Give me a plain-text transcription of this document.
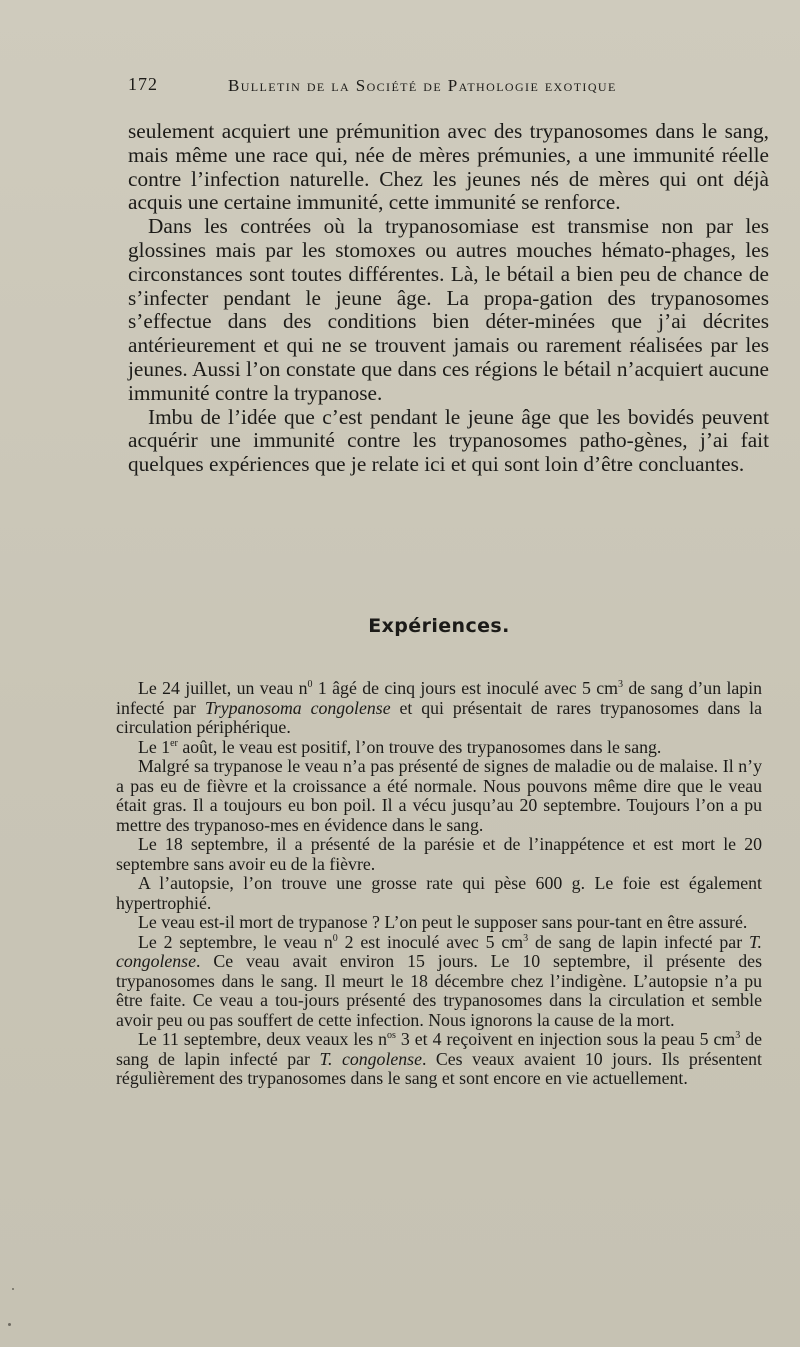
172	Bulletin de la Société de Pathologie exotique

seulement acquiert une prémunition avec des trypanosomes dans le sang, mais même une race qui, née de mères prémunies, a une immunité réelle contre l’infection naturelle. Chez les jeunes nés de mères qui ont déjà acquis une certaine immunité, cette immunité se renforce.

Dans les contrées où la trypanosomiase est transmise non par les glossines mais par les stomoxes ou autres mouches hémato-phages, les circonstances sont toutes différentes. Là, le bétail a bien peu de chance de s’infecter pendant le jeune âge. La propa-gation des trypanosomes s’effectue dans des conditions bien déter-minées que j’ai décrites antérieurement et qui ne se trouvent jamais ou rarement réalisées par les jeunes. Aussi l’on constate que dans ces régions le bétail n’acquiert aucune immunité contre la trypanose.

Imbu de l’idée que c’est pendant le jeune âge que les bovidés peuvent acquérir une immunité contre les trypanosomes patho-gènes, j’ai fait quelques expériences que je relate ici et qui sont loin d’être concluantes.

Expériences.

Le 24 juillet, un veau $n^0$ 1 âgé de cinq jours est inoculé avec 5 $cm^3$ de sang d’un lapin infecté par Trypanosoma congolense et qui présentait de rares trypanosomes dans la circulation périphérique.

Le 1er août, le veau est positif, l’on trouve des trypanosomes dans le sang.

Malgré sa trypanose le veau n’a pas présenté de signes de maladie ou de malaise. Il n’y a pas eu de fièvre et la croissance a été normale. Nous pouvons même dire que le veau était gras. Il a toujours eu bon poil. Il a vécu jusqu’au 20 septembre. Toujours l’on a pu mettre des trypanoso-mes en évidence dans le sang.

Le 18 septembre, il a présenté de la parésie et de l’inappétence et est mort le 20 septembre sans avoir eu de la fièvre.

A l’autopsie, l’on trouve une grosse rate qui pèse 600 g. Le foie est également hypertrophié.

Le veau est-il mort de trypanose ? L’on peut le supposer sans pour-tant en être assuré.

Le 2 septembre, le veau $n^0$ 2 est inoculé avec 5 $cm^3$ de sang de lapin infecté par T. congolense. Ce veau avait environ 15 jours. Le 10 septembre, il présente des trypanosomes dans le sang. Il meurt le 18 décembre chez l’indigène. L’autopsie n’a pu être faite. Ce veau a tou-jours présenté des trypanosomes dans la circulation et semble avoir peu ou pas souffert de cette infection. Nous ignorons la cause de la mort.

Le 11 septembre, deux veaux les $n^{os}$ 3 et 4 reçoivent en injection sous la peau 5 $cm^3$ de sang de lapin infecté par T. congolense. Ces veaux avaient 10 jours. Ils présentent régulièrement des trypanosomes dans le sang et sont encore en vie actuellement.
